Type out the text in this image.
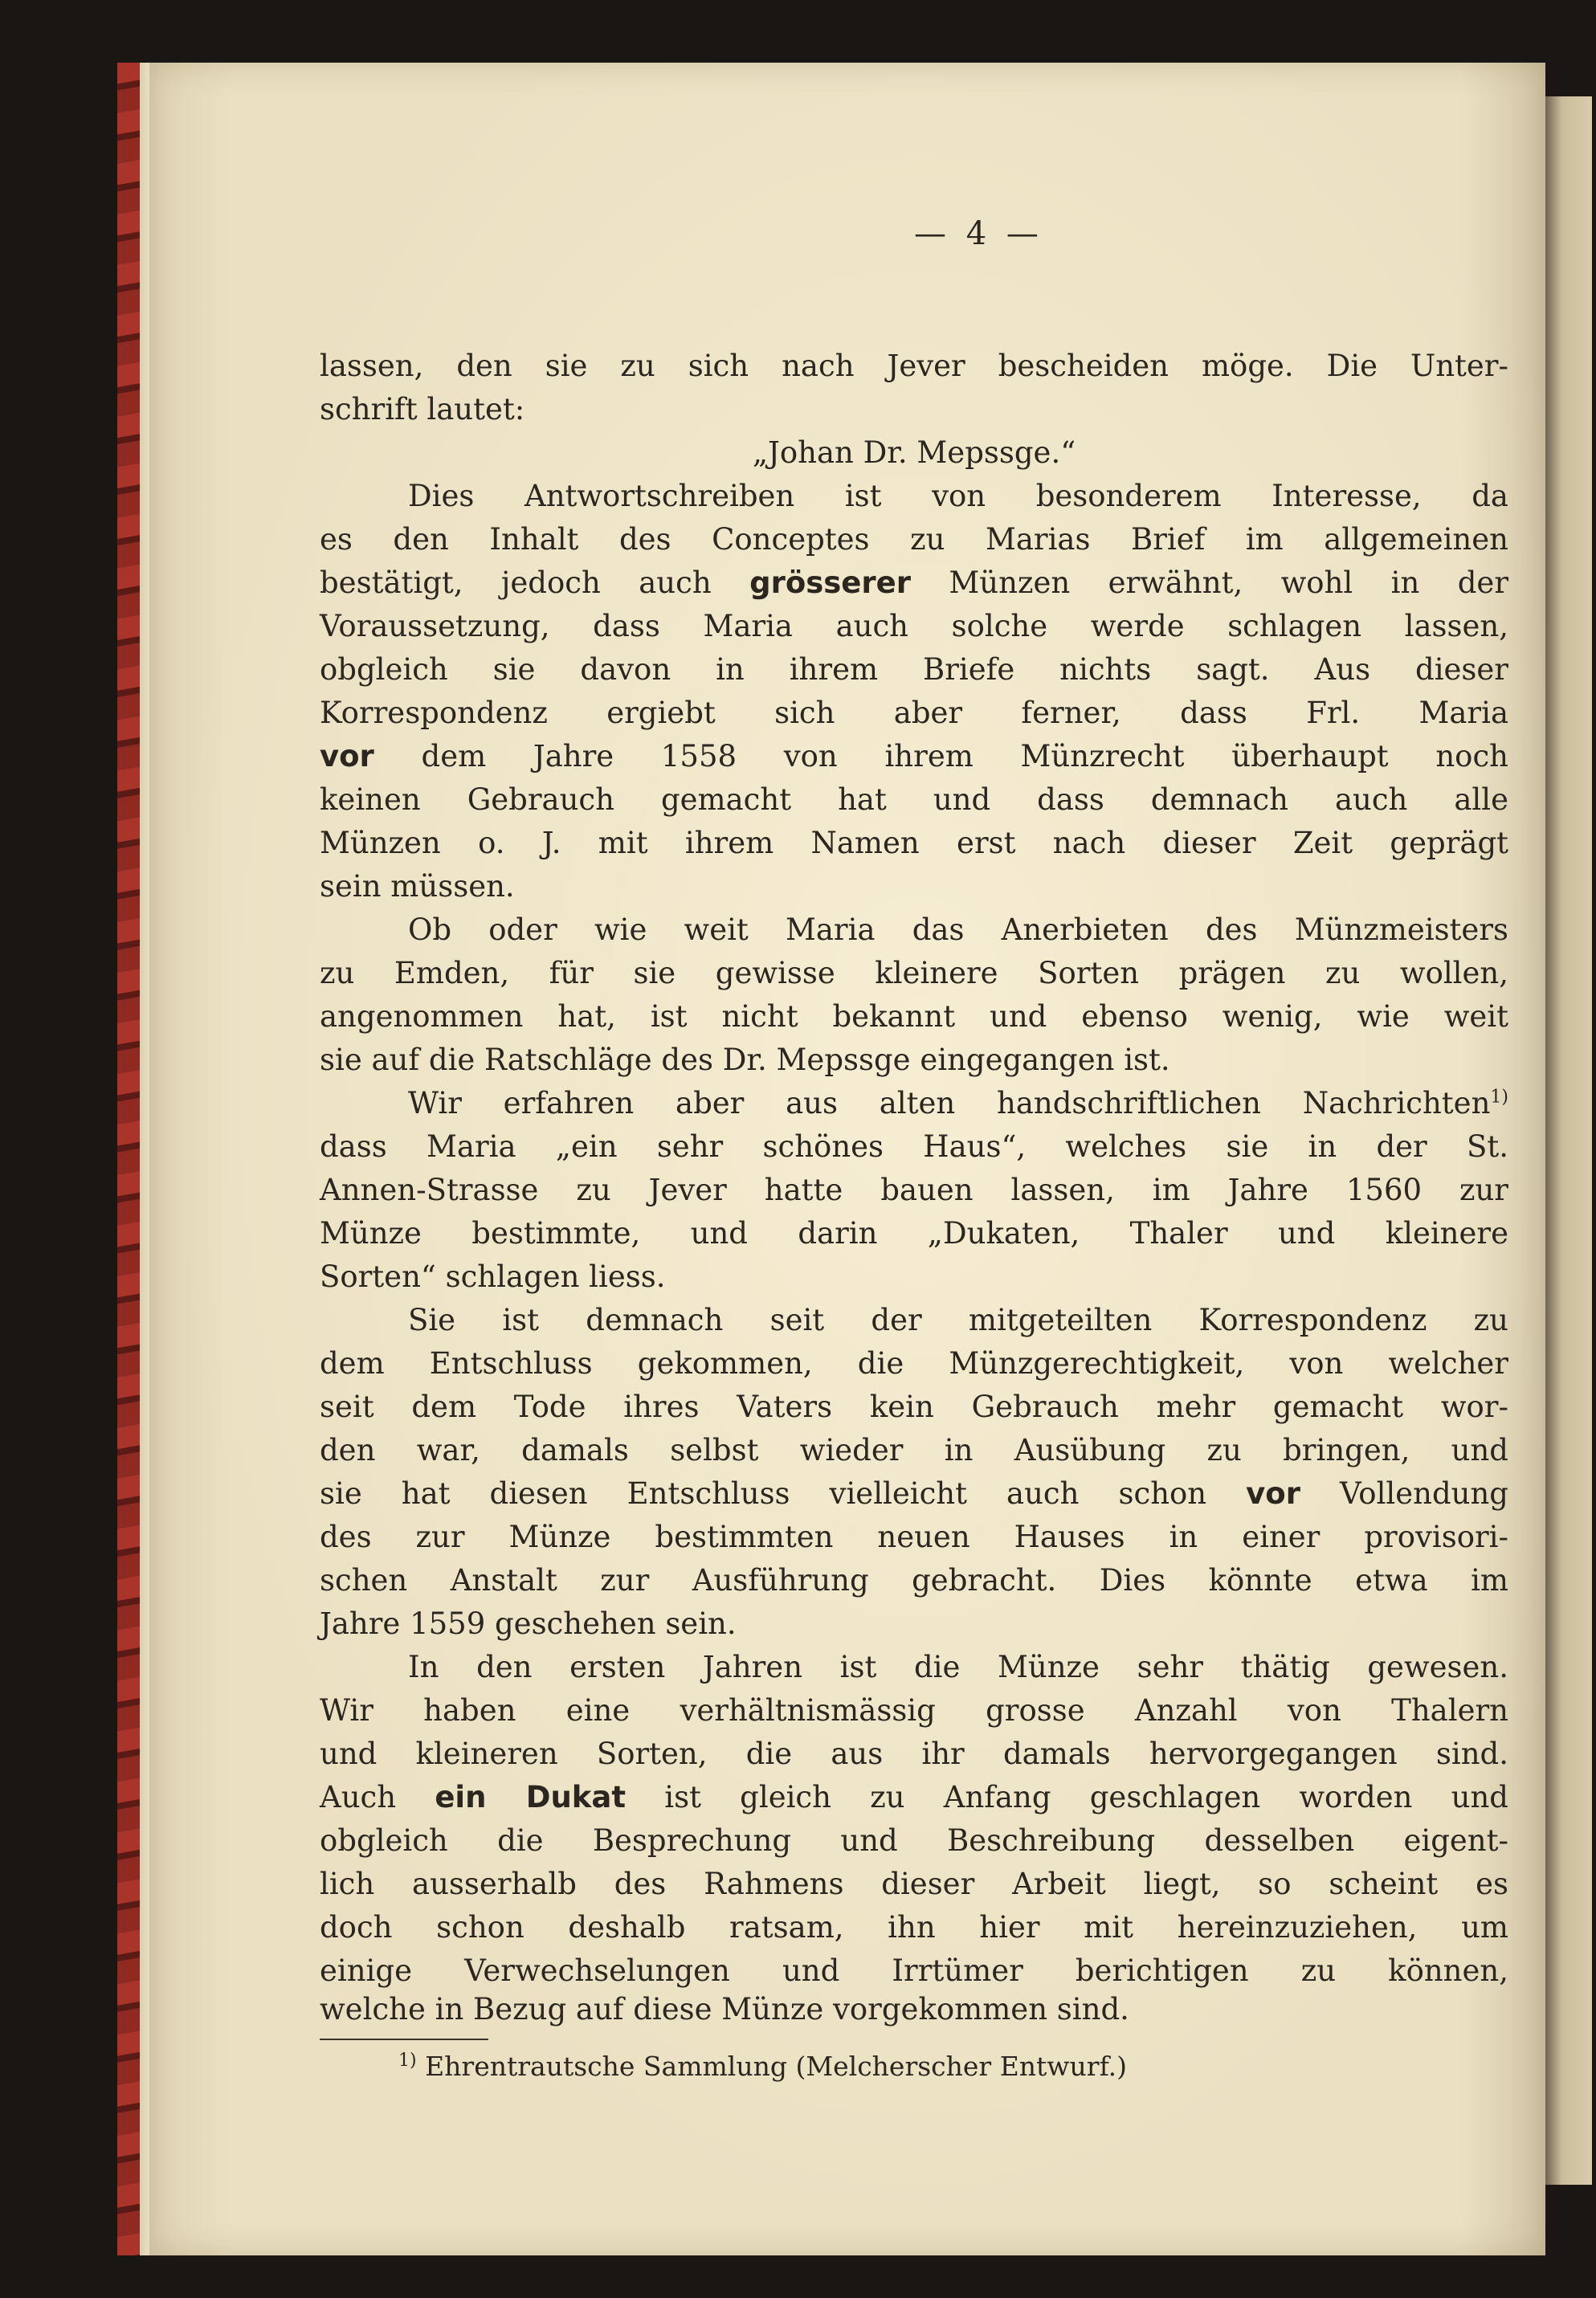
— 4 —
lassen, den sie zu sich nach Jever bescheiden möge. Die Unter-
schrift lautet:
„Johan Dr. Mepssge.“
Dies Antwortschreiben ist von besonderem Interesse, da
es den Inhalt des Conceptes zu Marias Brief im allgemeinen
bestätigt, jedoch auch grösserer Münzen erwähnt, wohl in der
Voraussetzung, dass Maria auch solche werde schlagen lassen,
obgleich sie davon in ihrem Briefe nichts sagt. Aus dieser
Korrespondenz ergiebt sich aber ferner, dass Frl. Maria
vor dem Jahre 1558 von ihrem Münzrecht überhaupt noch
keinen Gebrauch gemacht hat und dass demnach auch alle
Münzen o. J. mit ihrem Namen erst nach dieser Zeit geprägt
sein müssen.
Ob oder wie weit Maria das Anerbieten des Münzmeisters
zu Emden, für sie gewisse kleinere Sorten prägen zu wollen,
angenommen hat, ist nicht bekannt und ebenso wenig, wie weit
sie auf die Ratschläge des Dr. Mepssge eingegangen ist.
Wir erfahren aber aus alten handschriftlichen Nachrichten$^{1)}$
dass Maria „ein sehr schönes Haus“, welches sie in der St.
Annen-Strasse zu Jever hatte bauen lassen, im Jahre 1560 zur
Münze bestimmte, und darin „Dukaten, Thaler und kleinere
Sorten“ schlagen liess.
Sie ist demnach seit der mitgeteilten Korrespondenz zu
dem Entschluss gekommen, die Münzgerechtigkeit, von welcher
seit dem Tode ihres Vaters kein Gebrauch mehr gemacht wor-
den war, damals selbst wieder in Ausübung zu bringen, und
sie hat diesen Entschluss vielleicht auch schon vor Vollendung
des zur Münze bestimmten neuen Hauses in einer provisori-
schen Anstalt zur Ausführung gebracht. Dies könnte etwa im
Jahre 1559 geschehen sein.
In den ersten Jahren ist die Münze sehr thätig gewesen.
Wir haben eine verhältnismässig grosse Anzahl von Thalern
und kleineren Sorten, die aus ihr damals hervorgegangen sind.
Auch ein Dukat ist gleich zu Anfang geschlagen worden und
obgleich die Besprechung und Beschreibung desselben eigent-
lich ausserhalb des Rahmens dieser Arbeit liegt, so scheint es
doch schon deshalb ratsam, ihn hier mit hereinzuziehen, um
einige Verwechselungen und Irrtümer berichtigen zu können,
welche in Bezug auf diese Münze vorgekommen sind.
$^{1)}$ Ehrentrautsche Sammlung (Melcherscher Entwurf.)
